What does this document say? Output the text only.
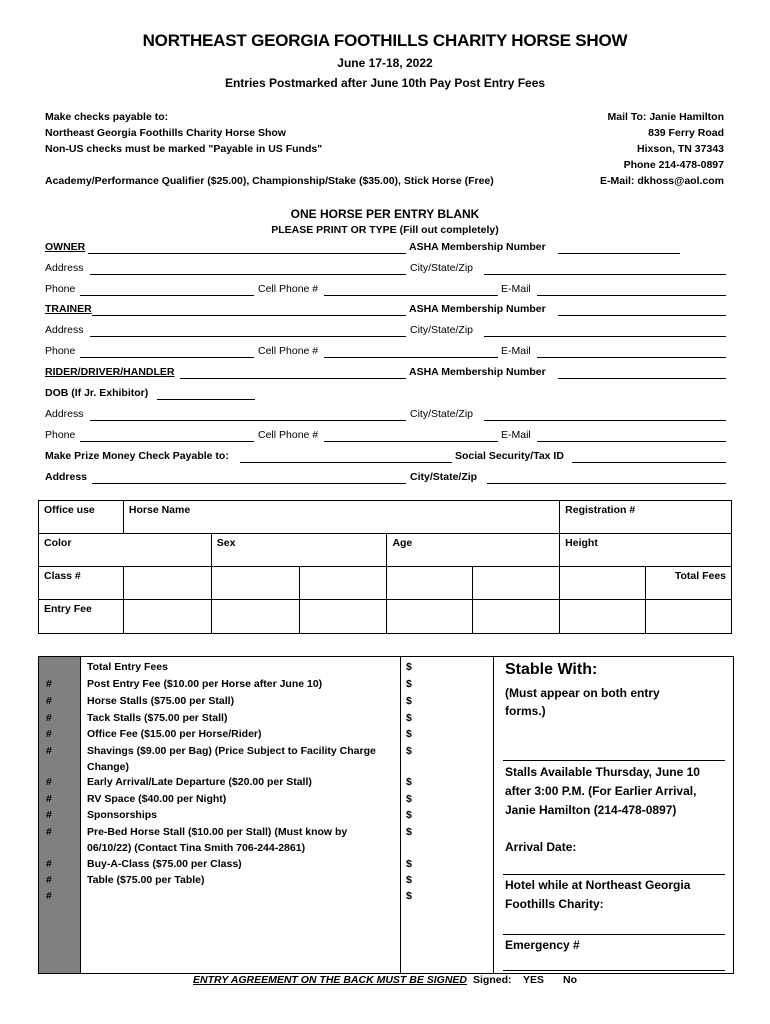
NORTHEAST GEORGIA FOOTHILLS CHARITY HORSE SHOW
June 17-18, 2022
Entries Postmarked after June 10th Pay Post Entry Fees
Make checks payable to:
Northeast Georgia Foothills Charity Horse Show
Non-US checks must be marked "Payable in US Funds"
Academy/Performance Qualifier ($25.00), Championship/Stake ($35.00), Stick Horse (Free)
Mail To: Janie Hamilton
839 Ferry Road
Hixson, TN 37343
Phone 214-478-0897
E-Mail: dkhoss@aol.com
ONE HORSE PER ENTRY BLANK
PLEASE PRINT OR TYPE (Fill out completely)
OWNER	ASHA Membership Number
Address	City/State/Zip
Phone	Cell Phone #	E-Mail
TRAINER	ASHA Membership Number
Address	City/State/Zip
Phone	Cell Phone #	E-Mail
RIDER/DRIVER/HANDLER	ASHA Membership Number
DOB (If Jr. Exhibitor)
Address	City/State/Zip
Phone	Cell Phone #	E-Mail
Make Prize Money Check Payable to:	Social Security/Tax ID
Address	City/State/Zip
Office use	Horse Name					Registration #	
Color		Sex		Age		Height	
Class #							Total Fees
Entry Fee							
Total Entry Fees	$
#	Post Entry Fee ($10.00 per Horse after June 10)	$
#	Horse Stalls ($75.00 per Stall)	$
#	Tack Stalls ($75.00 per Stall)	$
#	Office Fee ($15.00 per Horse/Rider)	$
#	Shavings ($9.00 per Bag) (Price Subject to Facility Charge
Change)
$
#	Early Arrival/Late Departure ($20.00 per Stall)	$
#	RV Space ($40.00 per Night)	$
#	Sponsorships	$
#	Pre-Bed Horse Stall ($10.00 per Stall) (Must know by
06/10/22) (Contact Tina Smith 706-244-2861)
$
#	Buy-A-Class ($75.00 per Class)	$
#	Table ($75.00 per Table)	$
#	$
Stable With:
(Must appear on both entry
forms.)
Stalls Available Thursday, June 10
after 3:00 P.M. (For Earlier Arrival,
Janie Hamilton (214-478-0897)
Arrival Date:
Hotel while at Northeast Georgia
Foothills Charity:
Emergency #
ENTRY AGREEMENT ON THE BACK MUST BE SIGNED Signed: YES No
